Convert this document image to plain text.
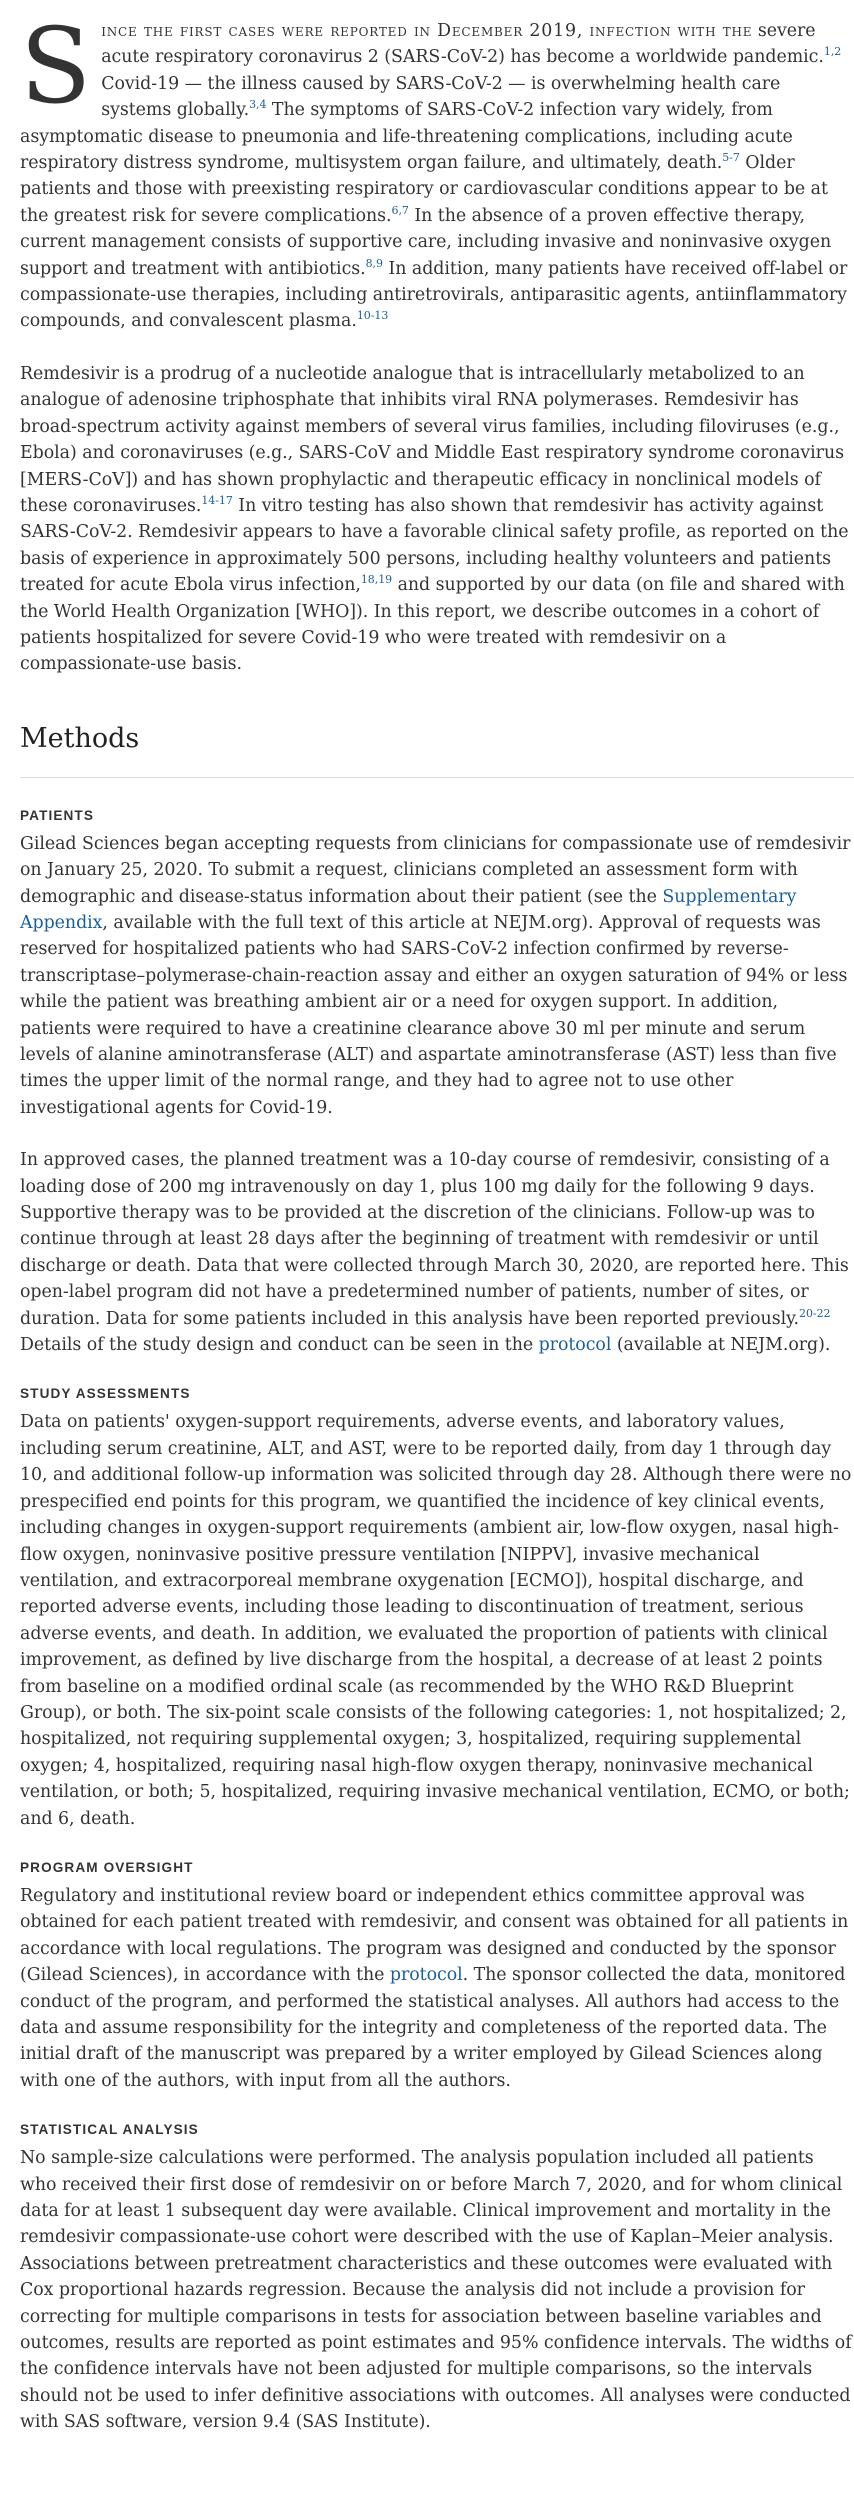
Since the first cases were reported in December 2019, infection with the severe acute respiratory coronavirus 2 (SARS-CoV-2) has become a worldwide pandemic.$^{1,2}$ Covid-19 — the illness caused by SARS-CoV-2 — is overwhelming health care systems globally.$^{3,4}$ The symptoms of SARS-CoV-2 infection vary widely, from asymptomatic disease to pneumonia and life-threatening complications, including acute respiratory distress syndrome, multisystem organ failure, and ultimately, death.$^{5-7}$ Older patients and those with preexisting respiratory or cardiovascular conditions appear to be at the greatest risk for severe complications.$^{6,7}$ In the absence of a proven effective therapy, current management consists of supportive care, including invasive and noninvasive oxygen support and treatment with antibiotics.$^{8,9}$ In addition, many patients have received off-label or compassionate-use therapies, including antiretrovirals, antiparasitic agents, antiinflammatory compounds, and convalescent plasma.$^{10-13}$

Remdesivir is a prodrug of a nucleotide analogue that is intracellularly metabolized to an analogue of adenosine triphosphate that inhibits viral RNA polymerases. Remdesivir has broad-spectrum activity against members of several virus families, including filoviruses (e.g., Ebola) and coronaviruses (e.g., SARS-CoV and Middle East respiratory syndrome coronavirus [MERS-CoV]) and has shown prophylactic and therapeutic efficacy in nonclinical models of these coronaviruses.$^{14-17}$ In vitro testing has also shown that remdesivir has activity against SARS-CoV-2. Remdesivir appears to have a favorable clinical safety profile, as reported on the basis of experience in approximately 500 persons, including healthy volunteers and patients treated for acute Ebola virus infection,$^{18,19}$ and supported by our data (on file and shared with the World Health Organization [WHO]). In this report, we describe outcomes in a cohort of patients hospitalized for severe Covid-19 who were treated with remdesivir on a compassionate-use basis.

Methods
PATIENTS

Gilead Sciences began accepting requests from clinicians for compassionate use of remdesivir on January 25, 2020. To submit a request, clinicians completed an assessment form with demographic and disease-status information about their patient (see the Supplementary Appendix, available with the full text of this article at NEJM.org). Approval of requests was reserved for hospitalized patients who had SARS-CoV-2 infection confirmed by reverse-transcriptase–polymerase-chain-reaction assay and either an oxygen saturation of 94% or less while the patient was breathing ambient air or a need for oxygen support. In addition, patients were required to have a creatinine clearance above 30 ml per minute and serum levels of alanine aminotransferase (ALT) and aspartate aminotransferase (AST) less than five times the upper limit of the normal range, and they had to agree not to use other investigational agents for Covid-19.

In approved cases, the planned treatment was a 10-day course of remdesivir, consisting of a loading dose of 200 mg intravenously on day 1, plus 100 mg daily for the following 9 days. Supportive therapy was to be provided at the discretion of the clinicians. Follow-up was to continue through at least 28 days after the beginning of treatment with remdesivir or until discharge or death. Data that were collected through March 30, 2020, are reported here. This open-label program did not have a predetermined number of patients, number of sites, or duration. Data for some patients included in this analysis have been reported previously.$^{20-22}$ Details of the study design and conduct can be seen in the protocol (available at NEJM.org).

STUDY ASSESSMENTS

Data on patients' oxygen-support requirements, adverse events, and laboratory values, including serum creatinine, ALT, and AST, were to be reported daily, from day 1 through day 10, and additional follow-up information was solicited through day 28. Although there were no prespecified end points for this program, we quantified the incidence of key clinical events, including changes in oxygen-support requirements (ambient air, low-flow oxygen, nasal high-flow oxygen, noninvasive positive pressure ventilation [NIPPV], invasive mechanical ventilation, and extracorporeal membrane oxygenation [ECMO]), hospital discharge, and reported adverse events, including those leading to discontinuation of treatment, serious adverse events, and death. In addition, we evaluated the proportion of patients with clinical improvement, as defined by live discharge from the hospital, a decrease of at least 2 points from baseline on a modified ordinal scale (as recommended by the WHO R&D Blueprint Group), or both. The six-point scale consists of the following categories: 1, not hospitalized; 2, hospitalized, not requiring supplemental oxygen; 3, hospitalized, requiring supplemental oxygen; 4, hospitalized, requiring nasal high-flow oxygen therapy, noninvasive mechanical ventilation, or both; 5, hospitalized, requiring invasive mechanical ventilation, ECMO, or both; and 6, death.

PROGRAM OVERSIGHT

Regulatory and institutional review board or independent ethics committee approval was obtained for each patient treated with remdesivir, and consent was obtained for all patients in accordance with local regulations. The program was designed and conducted by the sponsor (Gilead Sciences), in accordance with the protocol. The sponsor collected the data, monitored conduct of the program, and performed the statistical analyses. All authors had access to the data and assume responsibility for the integrity and completeness of the reported data. The initial draft of the manuscript was prepared by a writer employed by Gilead Sciences along with one of the authors, with input from all the authors.

STATISTICAL ANALYSIS

No sample-size calculations were performed. The analysis population included all patients who received their first dose of remdesivir on or before March 7, 2020, and for whom clinical data for at least 1 subsequent day were available. Clinical improvement and mortality in the remdesivir compassionate-use cohort were described with the use of Kaplan–Meier analysis. Associations between pretreatment characteristics and these outcomes were evaluated with Cox proportional hazards regression. Because the analysis did not include a provision for correcting for multiple comparisons in tests for association between baseline variables and outcomes, results are reported as point estimates and 95% confidence intervals. The widths of the confidence intervals have not been adjusted for multiple comparisons, so the intervals should not be used to infer definitive associations with outcomes. All analyses were conducted with SAS software, version 9.4 (SAS Institute).
